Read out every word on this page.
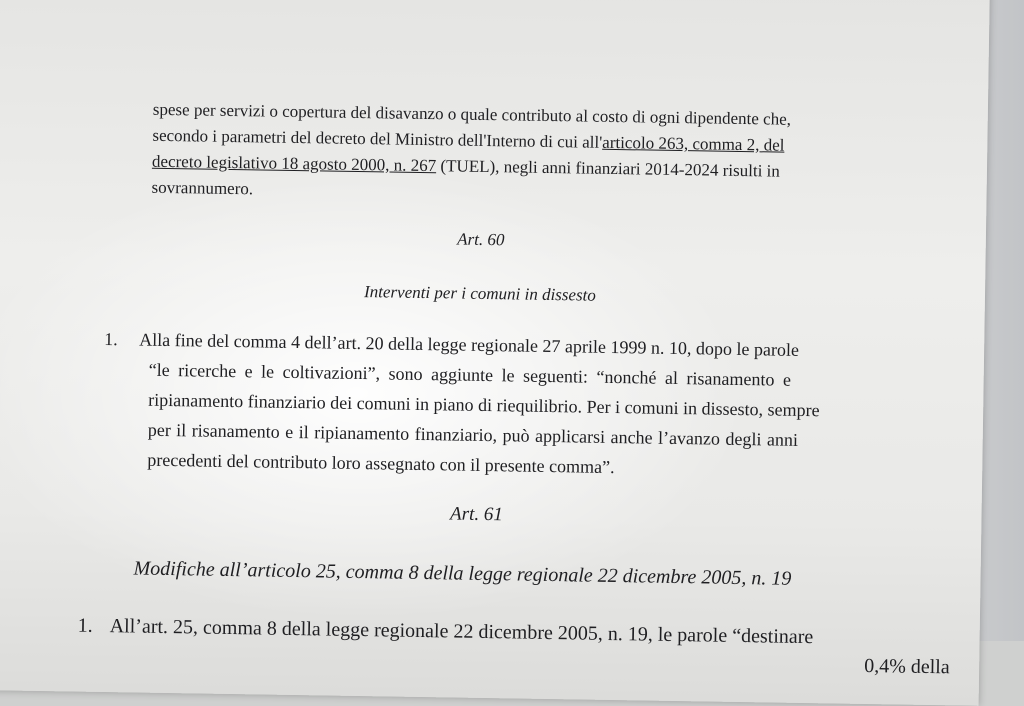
spese per servizi o copertura del disavanzo o quale contributo al costo di ogni dipendente che,
secondo i parametri del decreto del Ministro dell'Interno di cui all'articolo 263, comma 2, del
decreto legislativo 18 agosto 2000, n. 267 (TUEL), negli anni finanziari 2014-2024 risulti in
sovrannumero.
Art. 60
Interventi per i comuni in dissesto
1. Alla fine del comma 4 dell’art. 20 della legge regionale 27 aprile 1999 n. 10, dopo le parole
“le ricerche e le coltivazioni”, sono aggiunte le seguenti: “nonché al risanamento e
ripianamento finanziario dei comuni in piano di riequilibrio. Per i comuni in dissesto, sempre
per il risanamento e il ripianamento finanziario, può applicarsi anche l’avanzo degli anni
precedenti del contributo loro assegnato con il presente comma”.
Art. 61
Modifiche all’articolo 25, comma 8 della legge regionale 22 dicembre 2005, n. 19
1. All’art. 25, comma 8 della legge regionale 22 dicembre 2005, n. 19, le parole “destinare
0,4% della
